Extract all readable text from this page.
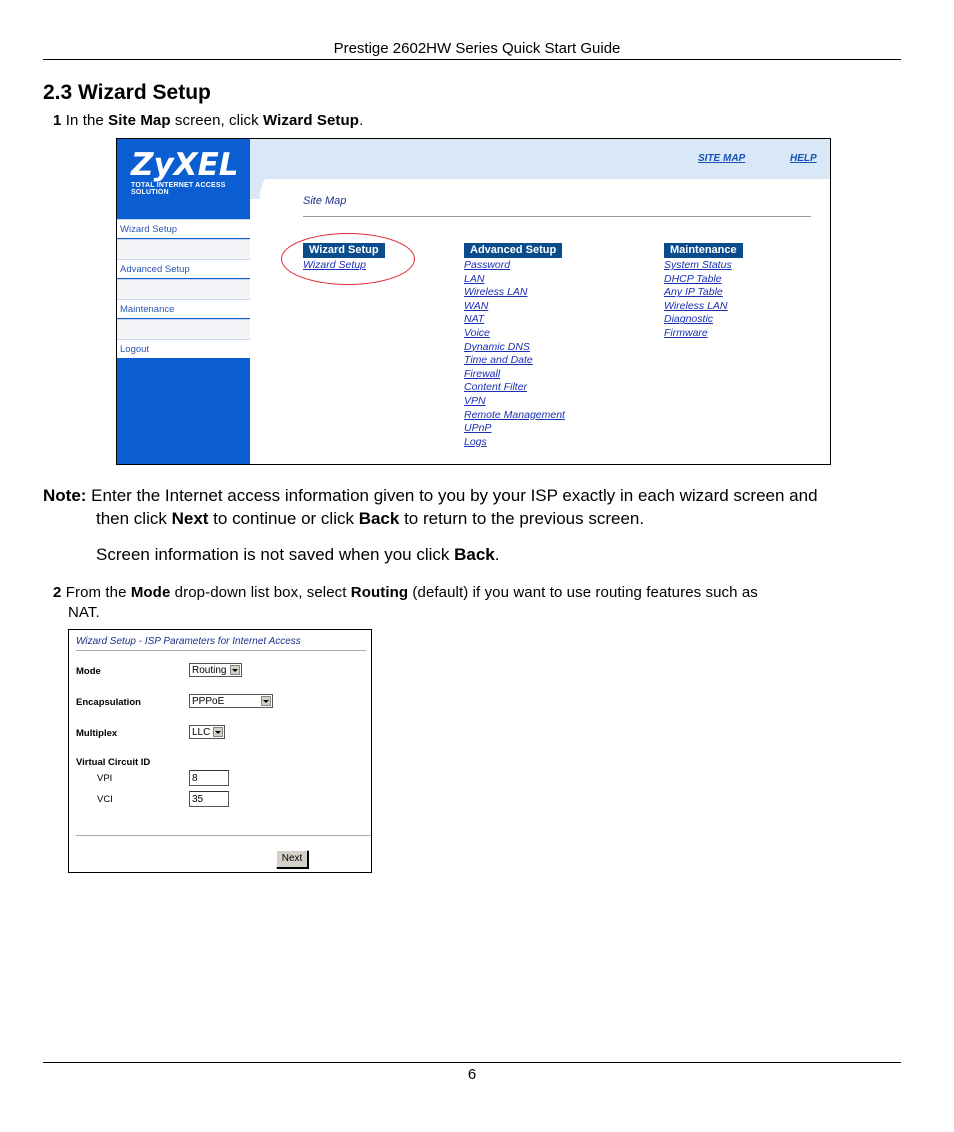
Prestige 2602HW Series Quick Start Guide
2.3 Wizard Setup
1 In the Site Map screen, click Wizard Setup.
ZyXEL
TOTAL INTERNET ACCESS SOLUTION
Wizard Setup
Advanced Setup
Maintenance
Logout
SITE MAP	HELP
Site Map
Wizard Setup
Wizard Setup
Advanced Setup
Password
LAN
Wireless LAN
WAN
NAT
Voice
Dynamic DNS
Time and Date
Firewall
Content Filter
VPN
Remote Management
UPnP
Logs
Maintenance
System Status
DHCP Table
Any IP Table
Wireless LAN
Diagnostic
Firmware
Note: Enter the Internet access information given to you by your ISP exactly in each wizard screen and
then click Next to continue or click Back to return to the previous screen.
Screen information is not saved when you click Back.
2 From the Mode drop-down list box, select Routing (default) if you want to use routing features such as
NAT.
Wizard Setup - ISP Parameters for Internet Access
Mode	Routing
Encapsulation	PPPoE
Multiplex	LLC
Virtual Circuit ID
VPI	8
VCI	35
Next
6
